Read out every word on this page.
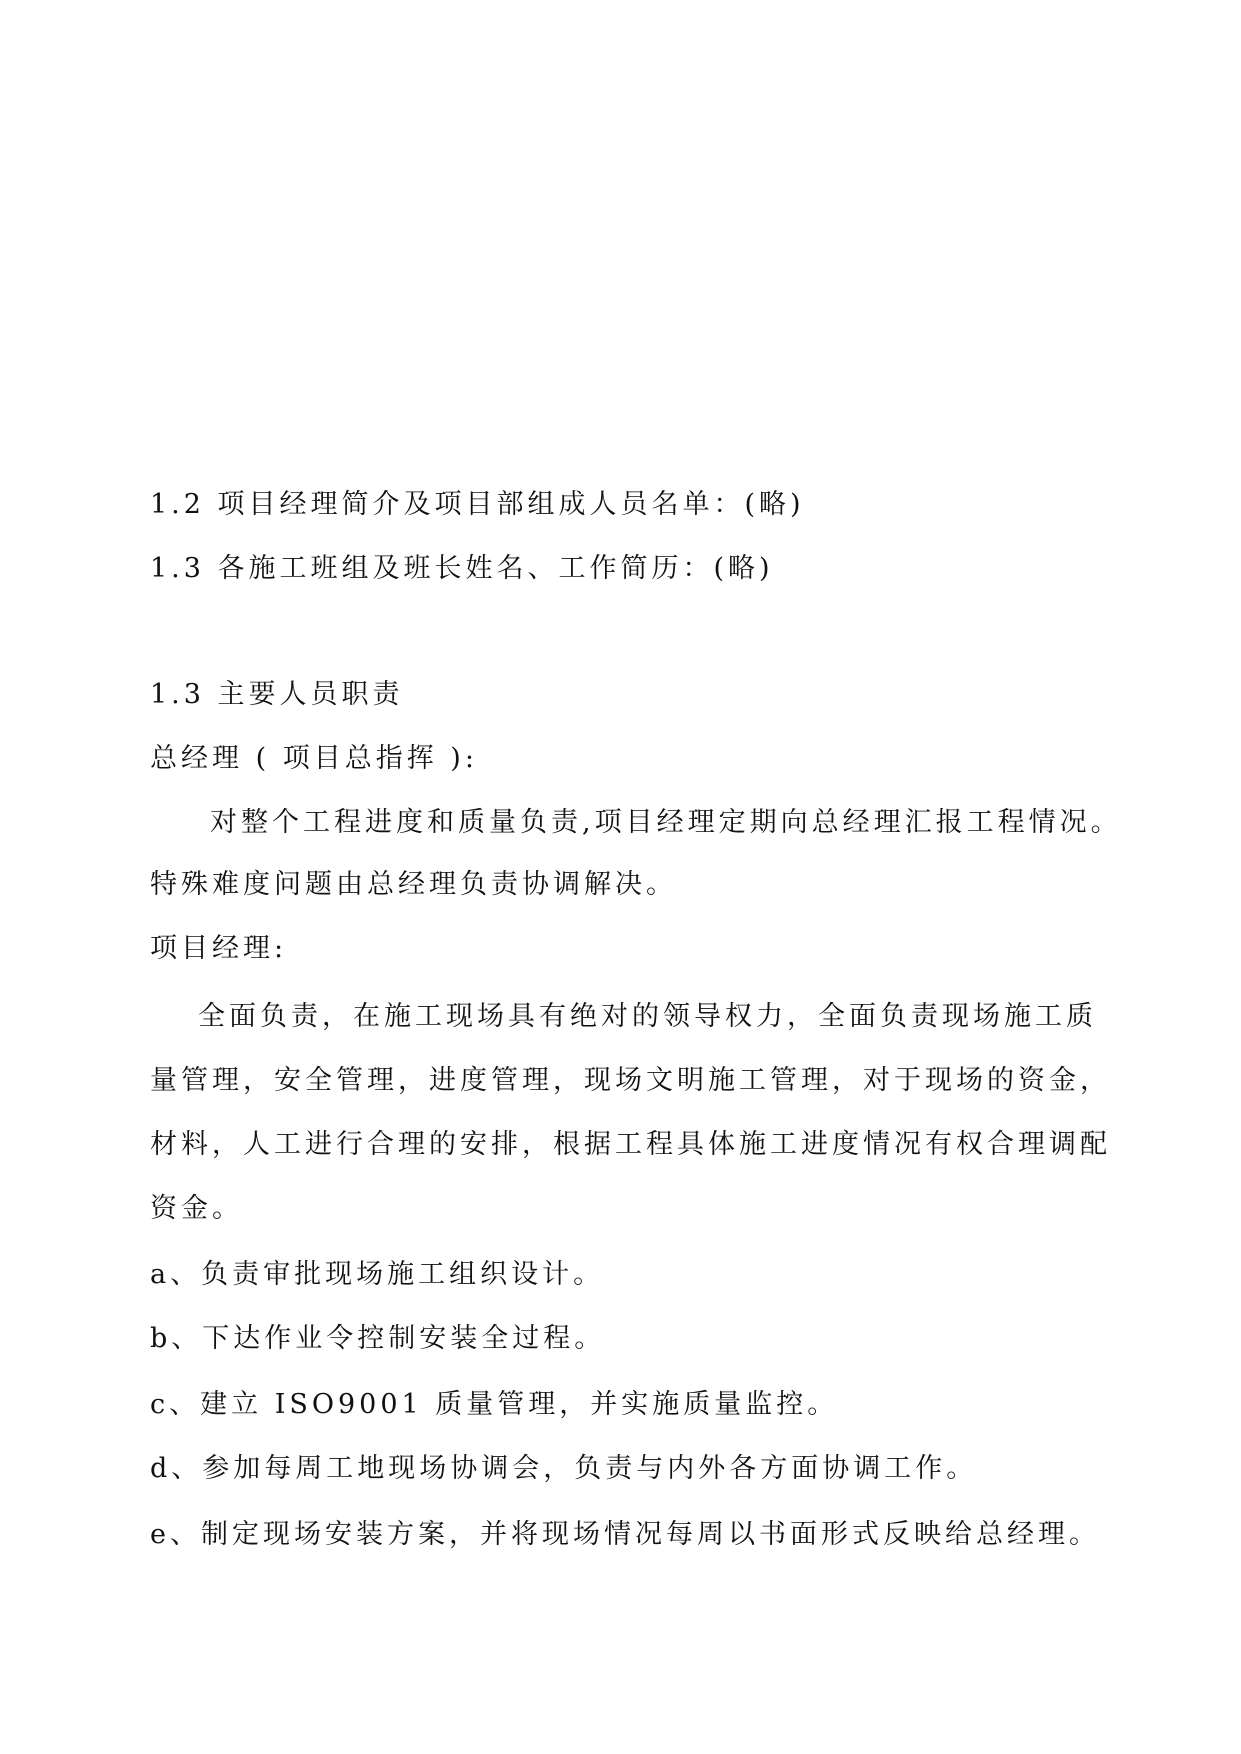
1.2 项目经理简介及项目部组成人员名单：(略)
1.3 各施工班组及班长姓名、工作简历：(略)
1.3 主要人员职责
总经理 ( 项目总指挥 ):
对整个工程进度和质量负责,项目经理定期向总经理汇报工程情况。
特殊难度问题由总经理负责协调解决。
项目经理:
全面负责，在施工现场具有绝对的领导权力，全面负责现场施工质
量管理，安全管理，进度管理，现场文明施工管理，对于现场的资金，
材料，人工进行合理的安排，根据工程具体施工进度情况有权合理调配
资金。
a、负责审批现场施工组织设计。
b、下达作业令控制安装全过程。
c、建立 ISO9001 质量管理，并实施质量监控。
d、参加每周工地现场协调会，负责与内外各方面协调工作。
e、制定现场安装方案，并将现场情况每周以书面形式反映给总经理。
